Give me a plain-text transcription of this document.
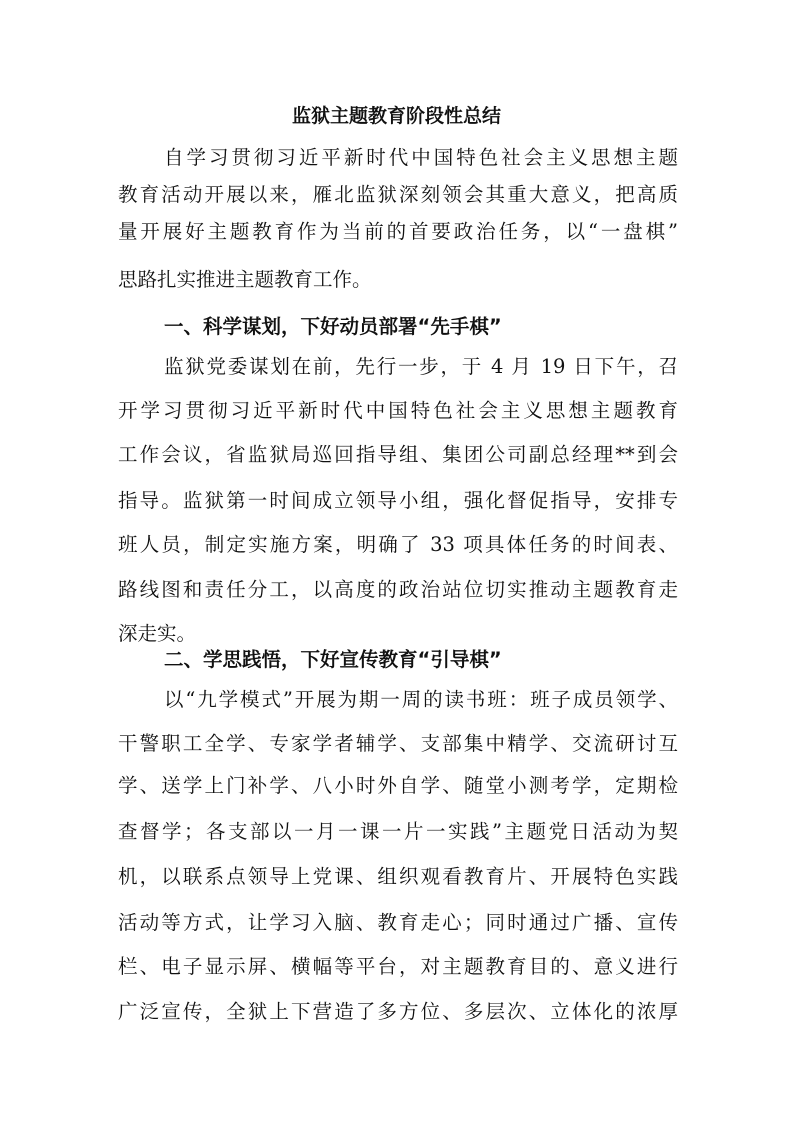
监狱主题教育阶段性总结
自学习贯彻习近平新时代中国特色社会主义思想主题
教育活动开展以来，雁北监狱深刻领会其重大意义，把高质
量开展好主题教育作为当前的首要政治任务，以“一盘棋”
思路扎实推进主题教育工作。
一、科学谋划，下好动员部署“先手棋”
监狱党委谋划在前，先行一步，于 4 月 19 日下午，召
开学习贯彻习近平新时代中国特色社会主义思想主题教育
工作会议，省监狱局巡回指导组、集团公司副总经理**到会
指导。监狱第一时间成立领导小组，强化督促指导，安排专
班人员，制定实施方案，明确了 33 项具体任务的时间表、
路线图和责任分工，以高度的政治站位切实推动主题教育走
深走实。
二、学思践悟，下好宣传教育“引导棋”
以“九学模式”开展为期一周的读书班：班子成员领学、
干警职工全学、专家学者辅学、支部集中精学、交流研讨互
学、送学上门补学、八小时外自学、随堂小测考学，定期检
查督学；各支部以一月一课一片一实践”主题党日活动为契
机，以联系点领导上党课、组织观看教育片、开展特色实践
活动等方式，让学习入脑、教育走心；同时通过广播、宣传
栏、电子显示屏、横幅等平台，对主题教育目的、意义进行
广泛宣传，全狱上下营造了多方位、多层次、立体化的浓厚
